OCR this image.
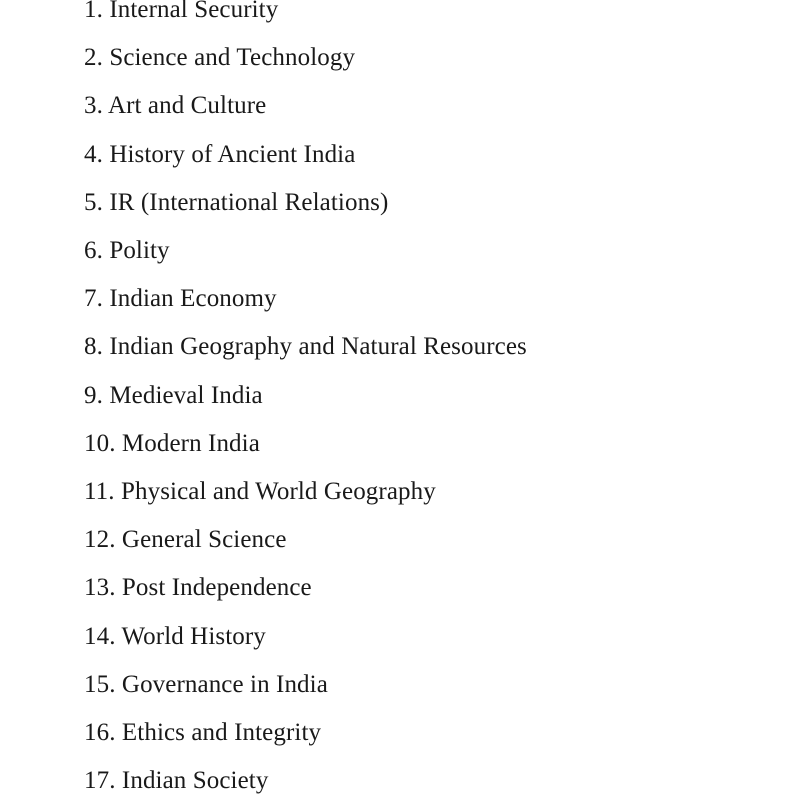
1. Internal Security
2. Science and Technology
3. Art and Culture
4. History of Ancient India
5. IR (International Relations)
6. Polity
7. Indian Economy
8. Indian Geography and Natural Resources
9. Medieval India
10. Modern India
11. Physical and World Geography
12. General Science
13. Post Independence
14. World History
15. Governance in India
16. Ethics and Integrity
17. Indian Society
